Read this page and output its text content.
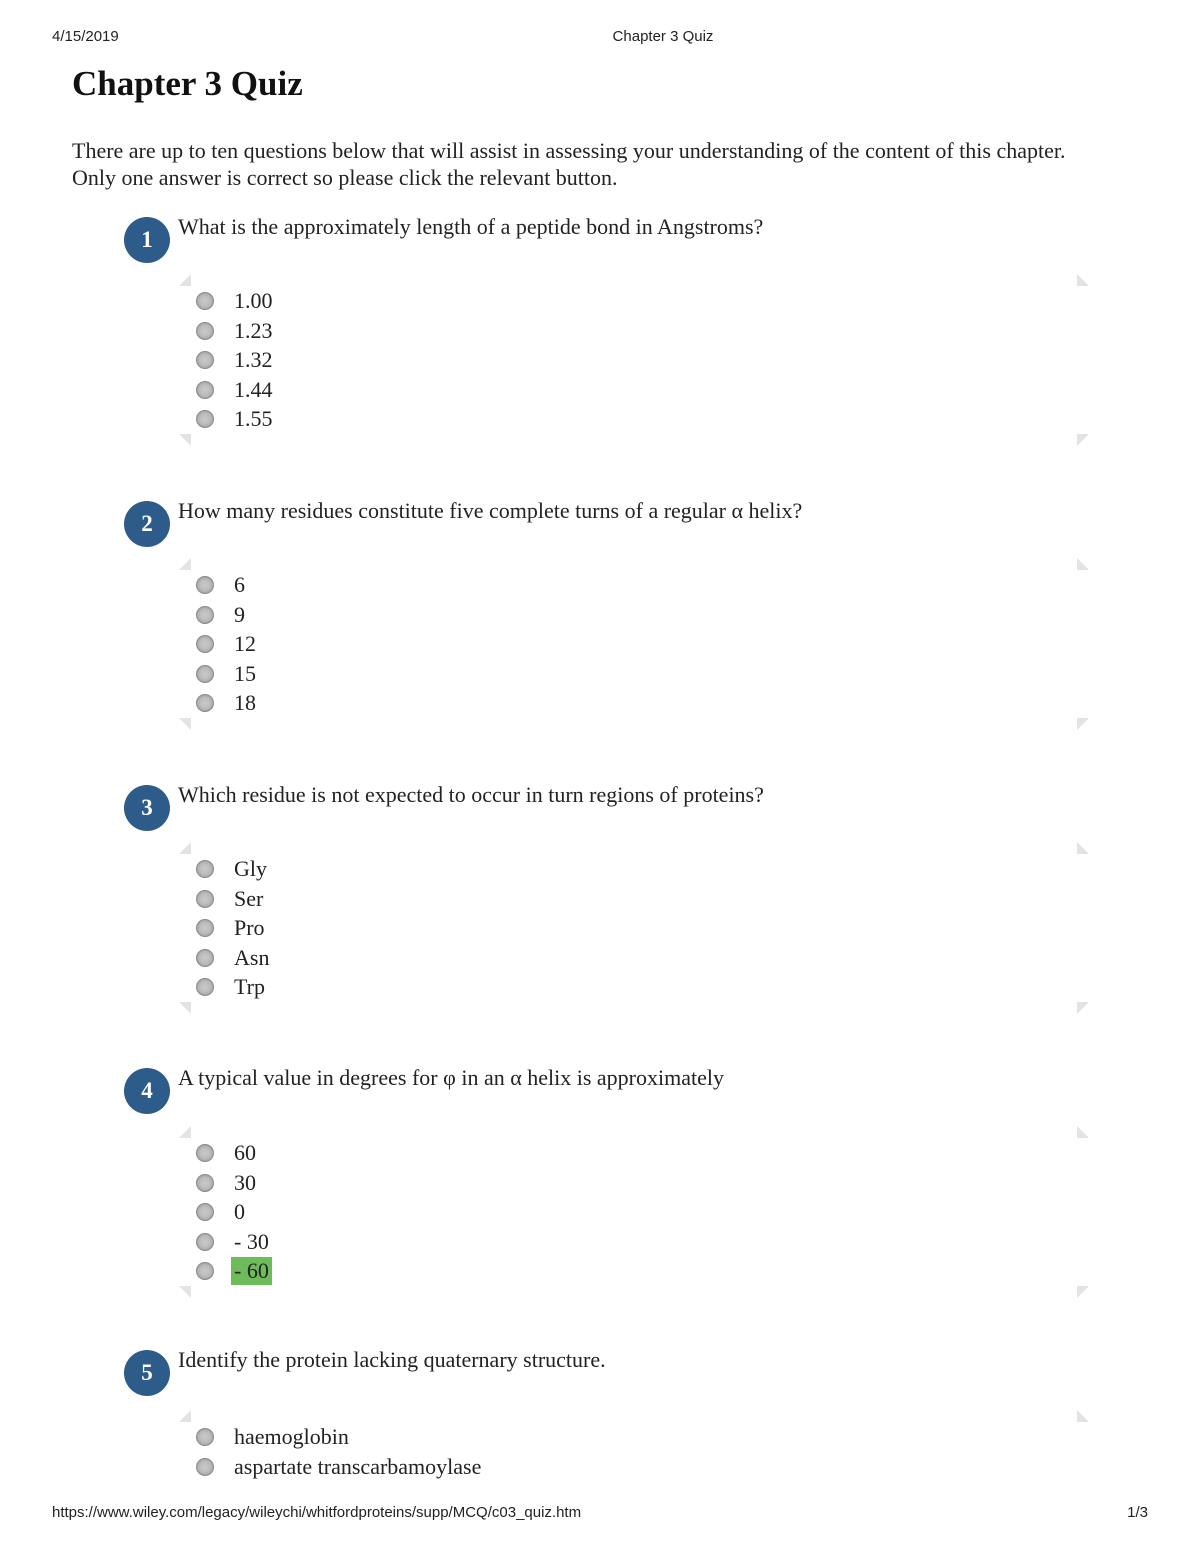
4/15/2019	Chapter 3 Quiz
Chapter 3 Quiz

There are up to ten questions below that will assist in assessing your understanding of the content of this chapter. Only one answer is correct so please click the relevant button.

1
What is the approximately length of a peptide bond in Angstroms?
1.00
1.23
1.32
1.44
1.55
2
How many residues constitute five complete turns of a regular α helix?
6
9
12
15
18
3
Which residue is not expected to occur in turn regions of proteins?
Gly
Ser
Pro
Asn
Trp
4
A typical value in degrees for φ in an α helix is approximately
60
30
0
- 30
- 60
5
Identify the protein lacking quaternary structure.
haemoglobin
aspartate transcarbamoylase
https://www.wiley.com/legacy/wileychi/whitfordproteins/supp/MCQ/c03_quiz.htm	1/3
